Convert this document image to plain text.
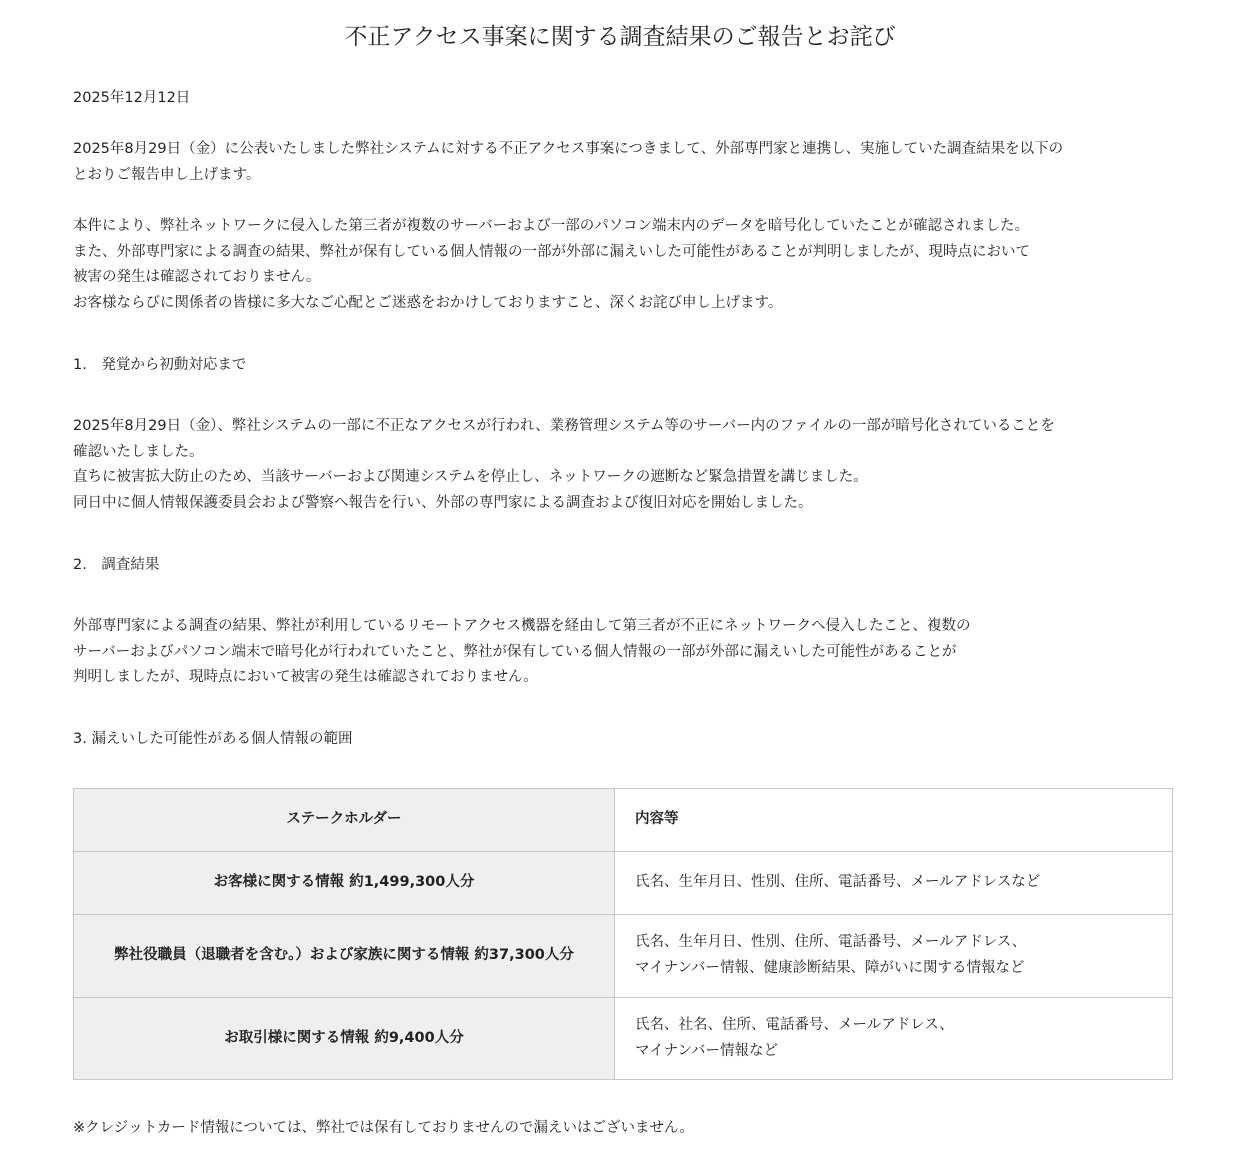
不正アクセス事案に関する調査結果のご報告とお詫び
2025年12月12日
2025年8月29日（金）に公表いたしました弊社システムに対する不正アクセス事案につきまして、外部専門家と連携し、実施していた調査結果を以下の
とおりご報告申し上げます。
本件により、弊社ネットワークに侵入した第三者が複数のサーバーおよび一部のパソコン端末内のデータを暗号化していたことが確認されました。
また、外部専門家による調査の結果、弊社が保有している個人情報の一部が外部に漏えいした可能性があることが判明しましたが、現時点において
被害の発生は確認されておりません。
お客様ならびに関係者の皆様に多大なご心配とご迷惑をおかけしておりますこと、深くお詫び申し上げます。
1.　発覚から初動対応まで
2025年8月29日（金）、弊社システムの一部に不正なアクセスが行われ、業務管理システム等のサーバー内のファイルの一部が暗号化されていることを
確認いたしました。
直ちに被害拡大防止のため、当該サーバーおよび関連システムを停止し、ネットワークの遮断など緊急措置を講じました。
同日中に個人情報保護委員会および警察へ報告を行い、外部の専門家による調査および復旧対応を開始しました。
2.　調査結果
外部専門家による調査の結果、弊社が利用しているリモートアクセス機器を経由して第三者が不正にネットワークへ侵入したこと、複数の
サーバーおよびパソコン端末で暗号化が行われていたこと、弊社が保有している個人情報の一部が外部に漏えいした可能性があることが
判明しましたが、現時点において被害の発生は確認されておりません。
3. 漏えいした可能性がある個人情報の範囲
ステークホルダー	内容等
お客様に関する情報 約1,499,300人分	氏名、生年月日、性別、住所、電話番号、メールアドレスなど

弊社役職員（退職者を含む。）および家族に関する情報 約37,300人分	氏名、生年月日、性別、住所、電話番号、メールアドレス、
マイナンバー情報、健康診断結果、障がいに関する情報など

お取引様に関する情報 約9,400人分	氏名、社名、住所、電話番号、メールアドレス、
マイナンバー情報など
※クレジットカード情報については、弊社では保有しておりませんので漏えいはございません。
